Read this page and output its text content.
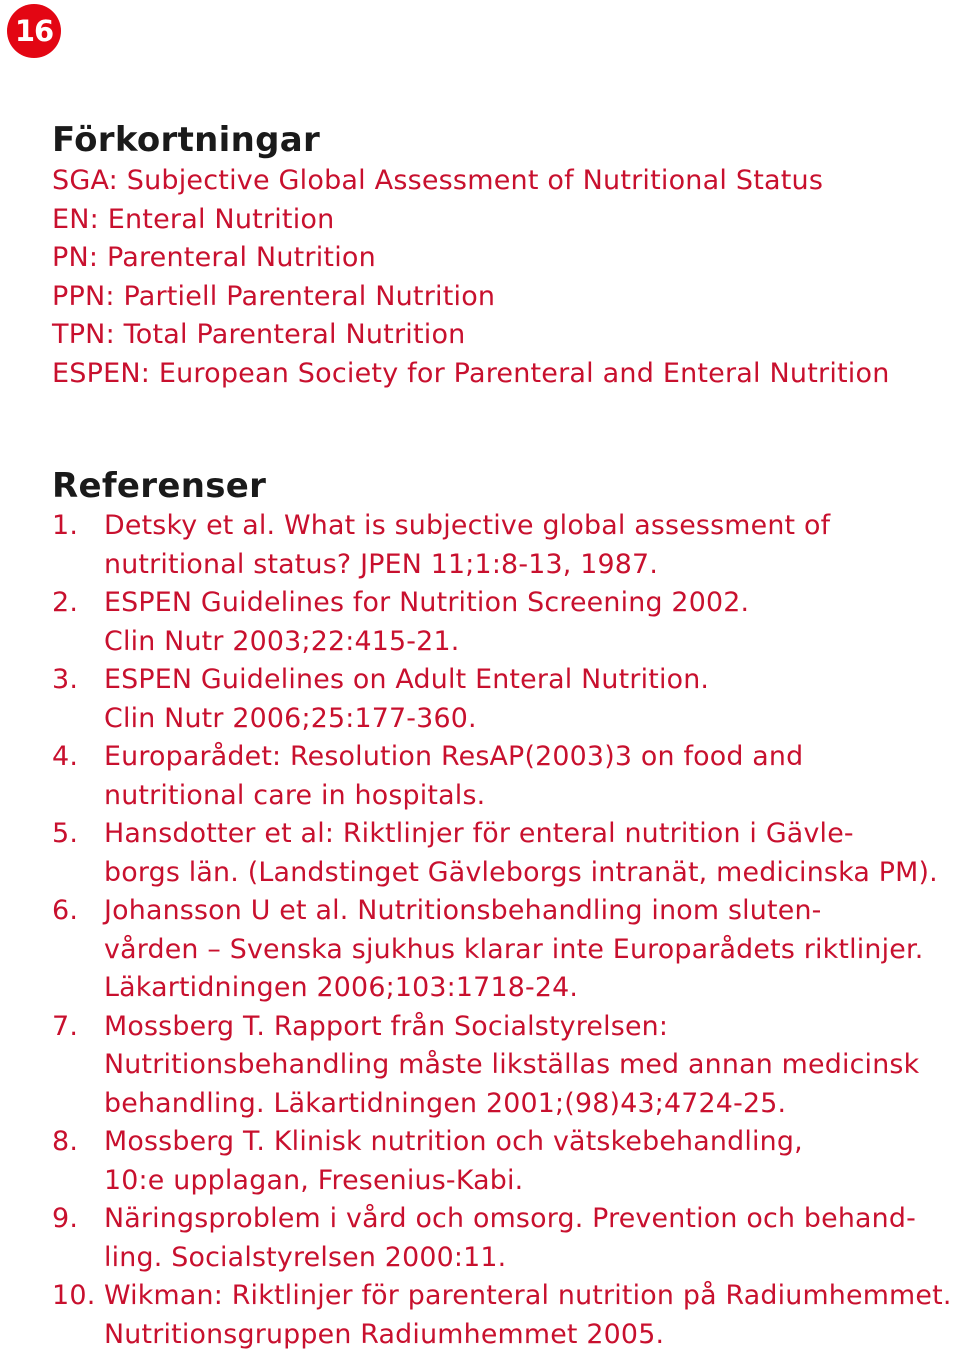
16
Förkortningar
SGA: Subjective Global Assessment of Nutritional Status
EN: Enteral Nutrition
PN: Parenteral Nutrition
PPN: Partiell Parenteral Nutrition
TPN: Total Parenteral Nutrition
ESPEN: European Society for Parenteral and Enteral Nutrition
Referenser
1. Detsky et al. What is subjective global assessment of
nutritional status? JPEN 11;1:8-13, 1987.
2. ESPEN Guidelines for Nutrition Screening 2002.
Clin Nutr 2003;22:415-21.
3. ESPEN Guidelines on Adult Enteral Nutrition.
Clin Nutr 2006;25:177-360.
4. Europarådet: Resolution ResAP(2003)3 on food and
nutritional care in hospitals.
5. Hansdotter et al: Riktlinjer för enteral nutrition i Gävle-
borgs län. (Landstinget Gävleborgs intranät, medicinska PM).
6. Johansson U et al. Nutritionsbehandling inom sluten-
vården – Svenska sjukhus klarar inte Europarådets riktlinjer.
Läkartidningen 2006;103:1718-24.
7. Mossberg T. Rapport från Socialstyrelsen:
Nutritionsbehandling måste likställas med annan medicinsk
behandling. Läkartidningen 2001;(98)43;4724-25.
8. Mossberg T. Klinisk nutrition och vätskebehandling,
10:e upplagan, Fresenius-Kabi.
9. Näringsproblem i vård och omsorg. Prevention och behand-
ling. Socialstyrelsen 2000:11.
10. Wikman: Riktlinjer för parenteral nutrition på Radiumhemmet.
Nutritionsgruppen Radiumhemmet 2005.
